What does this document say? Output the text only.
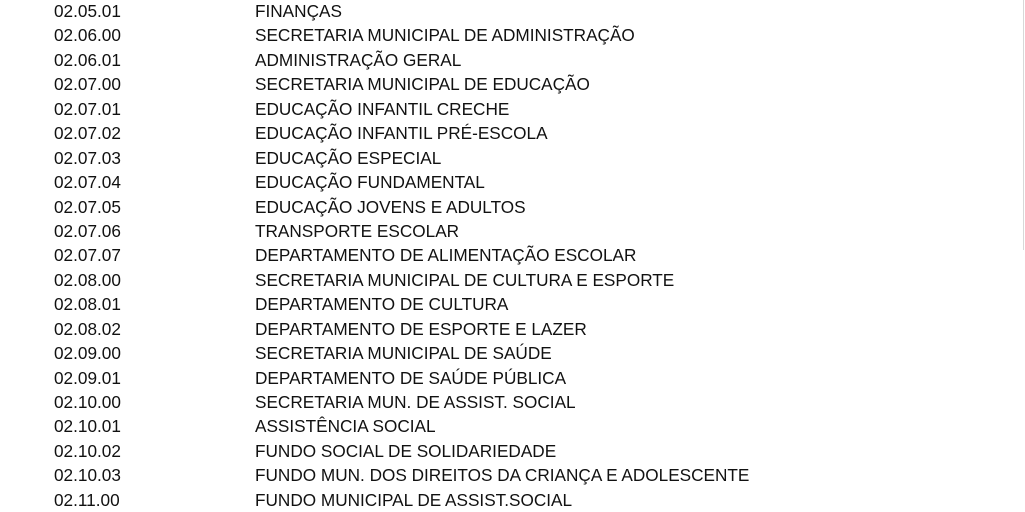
02.05.01	FINANÇAS
02.06.00	SECRETARIA MUNICIPAL DE ADMINISTRAÇÃO
02.06.01	ADMINISTRAÇÃO GERAL
02.07.00	SECRETARIA MUNICIPAL DE EDUCAÇÃO
02.07.01	EDUCAÇÃO INFANTIL CRECHE
02.07.02	EDUCAÇÃO INFANTIL PRÉ-ESCOLA
02.07.03	EDUCAÇÃO ESPECIAL
02.07.04	EDUCAÇÃO FUNDAMENTAL
02.07.05	EDUCAÇÃO JOVENS E ADULTOS
02.07.06	TRANSPORTE ESCOLAR
02.07.07	DEPARTAMENTO DE ALIMENTAÇÃO ESCOLAR
02.08.00	SECRETARIA MUNICIPAL DE CULTURA E ESPORTE
02.08.01	DEPARTAMENTO DE CULTURA
02.08.02	DEPARTAMENTO DE ESPORTE E LAZER
02.09.00	SECRETARIA MUNICIPAL DE SAÚDE
02.09.01	DEPARTAMENTO DE SAÚDE PÚBLICA
02.10.00	SECRETARIA MUN. DE ASSIST. SOCIAL
02.10.01	ASSISTÊNCIA SOCIAL
02.10.02	FUNDO SOCIAL DE SOLIDARIEDADE
02.10.03	FUNDO MUN. DOS DIREITOS DA CRIANÇA E ADOLESCENTE
02.11.00	FUNDO MUNICIPAL DE ASSIST.SOCIAL
